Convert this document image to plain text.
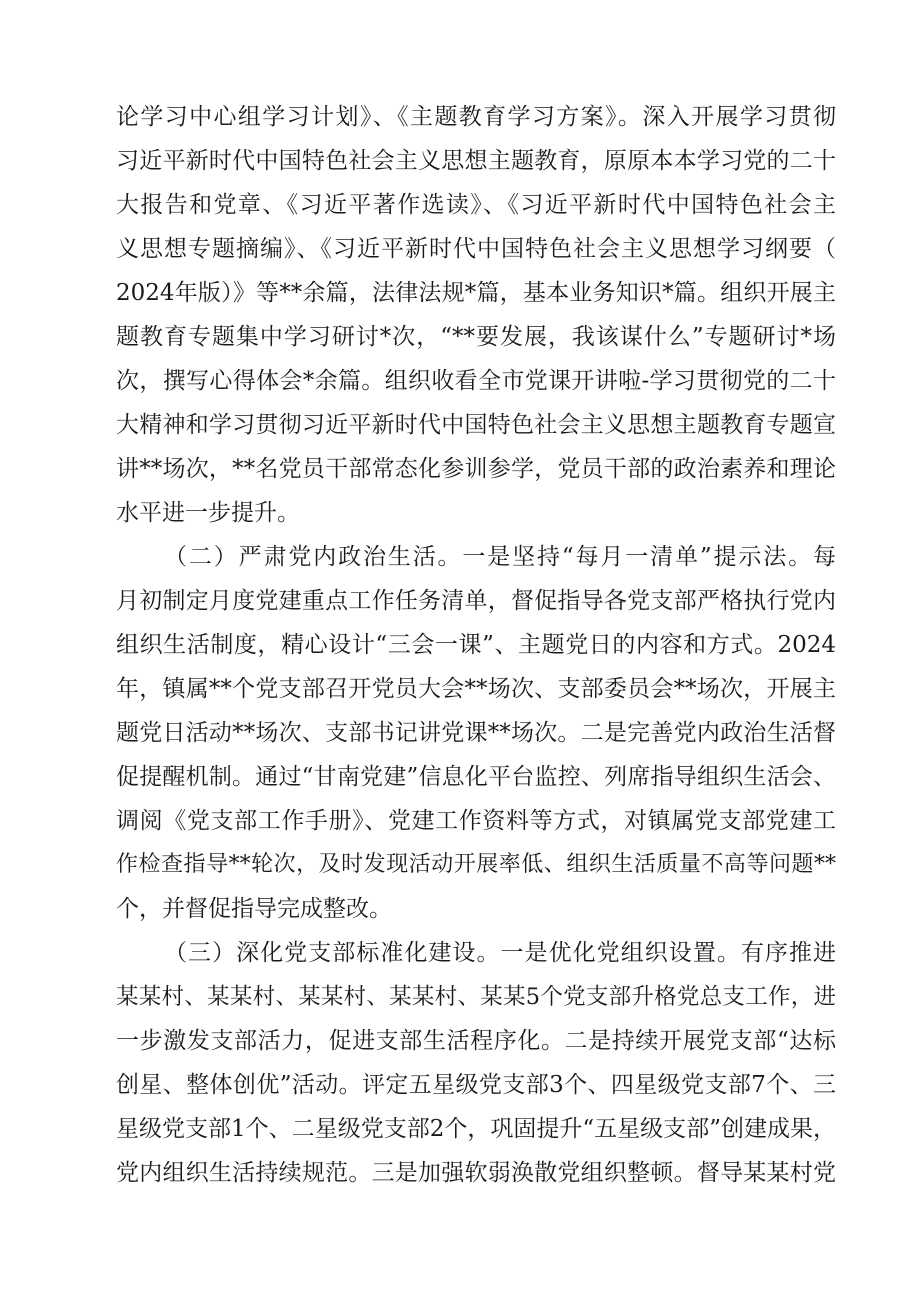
论学习中心组学习计划》、《主题教育学习方案》。深入开展学习贯彻
习近平新时代中国特色社会主义思想主题教育，原原本本学习党的二十
大报告和党章、《习近平著作选读》、《习近平新时代中国特色社会主
义思想专题摘编》、《习近平新时代中国特色社会主义思想学习纲要（
2024年版）》等**余篇，法律法规*篇，基本业务知识*篇。组织开展主
题教育专题集中学习研讨*次，“**要发展，我该谋什么”专题研讨*场
次，撰写心得体会*余篇。组织收看全市党课开讲啦-学习贯彻党的二十
大精神和学习贯彻习近平新时代中国特色社会主义思想主题教育专题宣
讲**场次，**名党员干部常态化参训参学，党员干部的政治素养和理论
水平进一步提升。
（二）严肃党内政治生活。一是坚持“每月一清单”提示法。每
月初制定月度党建重点工作任务清单，督促指导各党支部严格执行党内
组织生活制度，精心设计“三会一课”、主题党日的内容和方式。2024
年，镇属**个党支部召开党员大会**场次、支部委员会**场次，开展主
题党日活动**场次、支部书记讲党课**场次。二是完善党内政治生活督
促提醒机制。通过“甘南党建”信息化平台监控、列席指导组织生活会、
调阅《党支部工作手册》、党建工作资料等方式，对镇属党支部党建工
作检查指导**轮次，及时发现活动开展率低、组织生活质量不高等问题**
个，并督促指导完成整改。
（三）深化党支部标准化建设。一是优化党组织设置。有序推进
某某村、某某村、某某村、某某村、某某5个党支部升格党总支工作，进
一步激发支部活力，促进支部生活程序化。二是持续开展党支部“达标
创星、整体创优”活动。评定五星级党支部3个、四星级党支部7个、三
星级党支部1个、二星级党支部2个，巩固提升“五星级支部”创建成果，
党内组织生活持续规范。三是加强软弱涣散党组织整顿。督导某某村党
